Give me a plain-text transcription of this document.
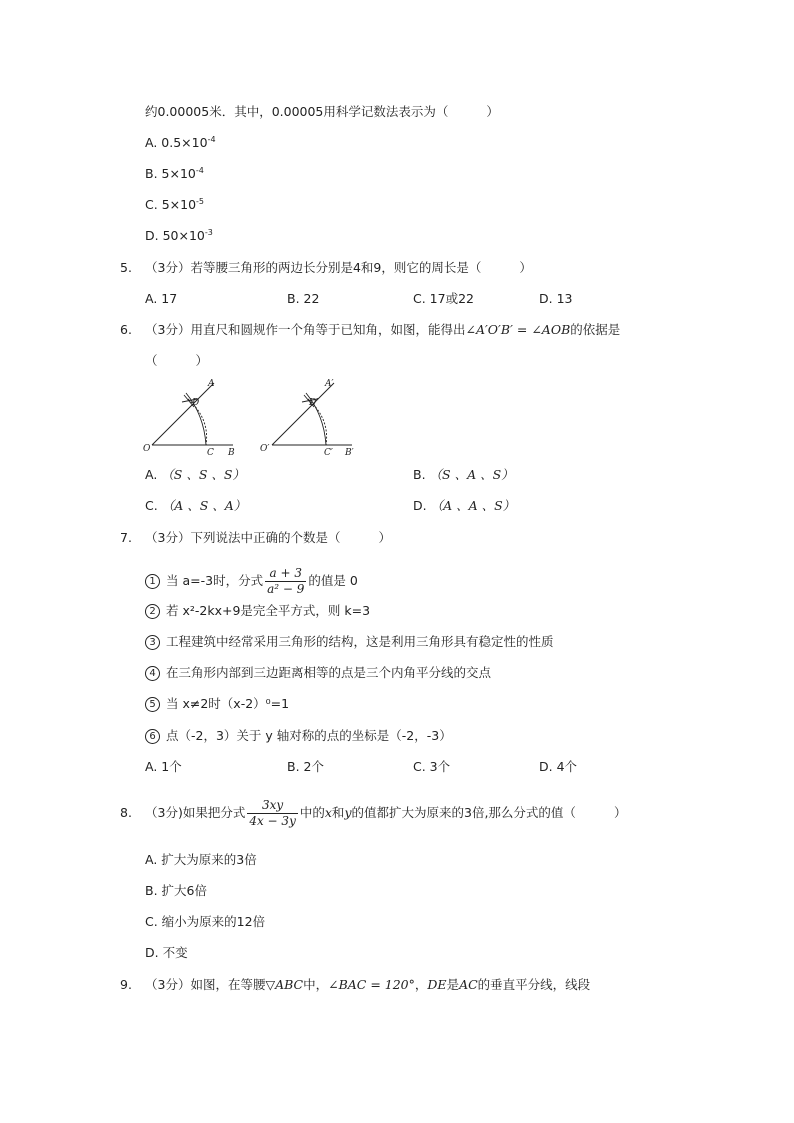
约0.00005米．其中，0.00005用科学记数法表示为（	）
A. $0.5\times 10^{-4}$
B. $5\times 10^{-4}$
C. $5\times 10^{-5}$
D. $50\times 10^{-3}$
5. （3分）若等腰三角形的两边长分别是4和9，则它的周长是（	）
A. 17	B. 22	C. 17或22	D. 13
6. （3分）用直尺和圆规作一个角等于已知角，如图，能得出∠A′O′B′ = ∠AOB的依据是
（	）
O
A
B
C
D
O′
A′
B′
C′
D′
A. （S 、S 、S）	B. （S 、A 、S）
C. （A 、S 、A）	D. （A 、A 、S）
7. （3分）下列说法中正确的个数是（	）
1 当 a=-3时，分式 $\frac{a + 3}{\text{a² − 9}}$ 的值是 0
2 若 x²-2kx+9是完全平方式，则 k=3
3 工程建筑中经常采用三角形的结构，这是利用三角形具有稳定性的性质
4 在三角形内部到三边距离相等的点是三个内角平分线的交点
5 当 x≠2时（x-2）⁰=1
6 点（-2，3）关于 y 轴对称的点的坐标是（-2，-3）
A. 1个	B. 2个	C. 3个	D. 4个
8. （3分)如果把分式 $\frac{3xy}{4x - 3y}$ 中的x和y的值都扩大为原来的3倍,那么分式的值（	）
A. 扩大为原来的3倍
B. 扩大6倍
C. 缩小为原来的12倍
D. 不变
9. （3分）如图，在等腰▽ABC中，∠BAC = 120°，DE是AC的垂直平分线，线段
